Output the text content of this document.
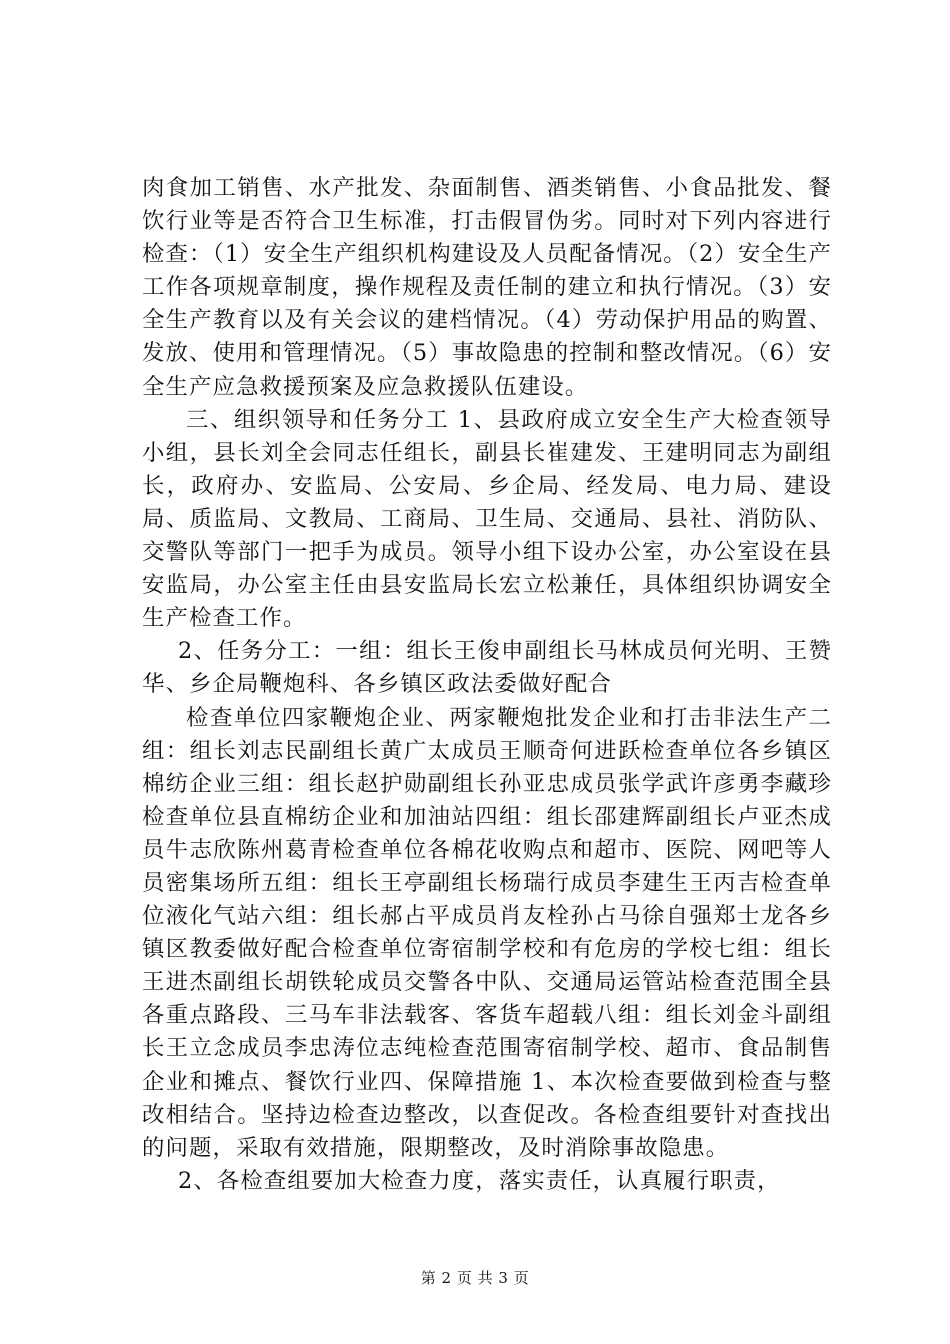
肉食加工销售、水产批发、杂面制售、酒类销售、小食品批发、餐饮行业等是否符合卫生标准，打击假冒伪劣。同时对下列内容进行检查：（1）安全生产组织机构建设及人员配备情况。（2）安全生产工作各项规章制度，操作规程及责任制的建立和执行情况。（3）安全生产教育以及有关会议的建档情况。（4）劳动保护用品的购置、发放、使用和管理情况。（5）事故隐患的控制和整改情况。（6）安全生产应急救援预案及应急救援队伍建设。

三、组织领导和任务分工 1、县政府成立安全生产大检查领导小组，县长刘全会同志任组长，副县长崔建发、王建明同志为副组长，政府办、安监局、公安局、乡企局、经发局、电力局、建设局、质监局、文教局、工商局、卫生局、交通局、县社、消防队、交警队等部门一把手为成员。领导小组下设办公室，办公室设在县安监局，办公室主任由县安监局长宏立松兼任，具体组织协调安全生产检查工作。

2、任务分工：一组：组长王俊申副组长马林成员何光明、王赞华、乡企局鞭炮科、各乡镇区政法委做好配合

检查单位四家鞭炮企业、两家鞭炮批发企业和打击非法生产二组：组长刘志民副组长黄广太成员王顺奇何进跃检查单位各乡镇区棉纺企业三组：组长赵护勋副组长孙亚忠成员张学武许彦勇李藏珍检查单位县直棉纺企业和加油站四组：组长邵建辉副组长卢亚杰成员牛志欣陈州葛青检查单位各棉花收购点和超市、医院、网吧等人员密集场所五组：组长王亭副组长杨瑞行成员李建生王丙吉检查单位液化气站六组：组长郝占平成员肖友栓孙占马徐自强郑士龙各乡镇区教委做好配合检查单位寄宿制学校和有危房的学校七组：组长王进杰副组长胡铁轮成员交警各中队、交通局运管站检查范围全县各重点路段、三马车非法载客、客货车超载八组：组长刘金斗副组长王立念成员李忠涛位志纯检查范围寄宿制学校、超市、食品制售企业和摊点、餐饮行业四、保障措施 1、本次检查要做到检查与整改相结合。坚持边检查边整改，以查促改。各检查组要针对查找出的问题，采取有效措施，限期整改，及时消除事故隐患。

2、各检查组要加大检查力度，落实责任，认真履行职责，

第 2 页 共 3 页
